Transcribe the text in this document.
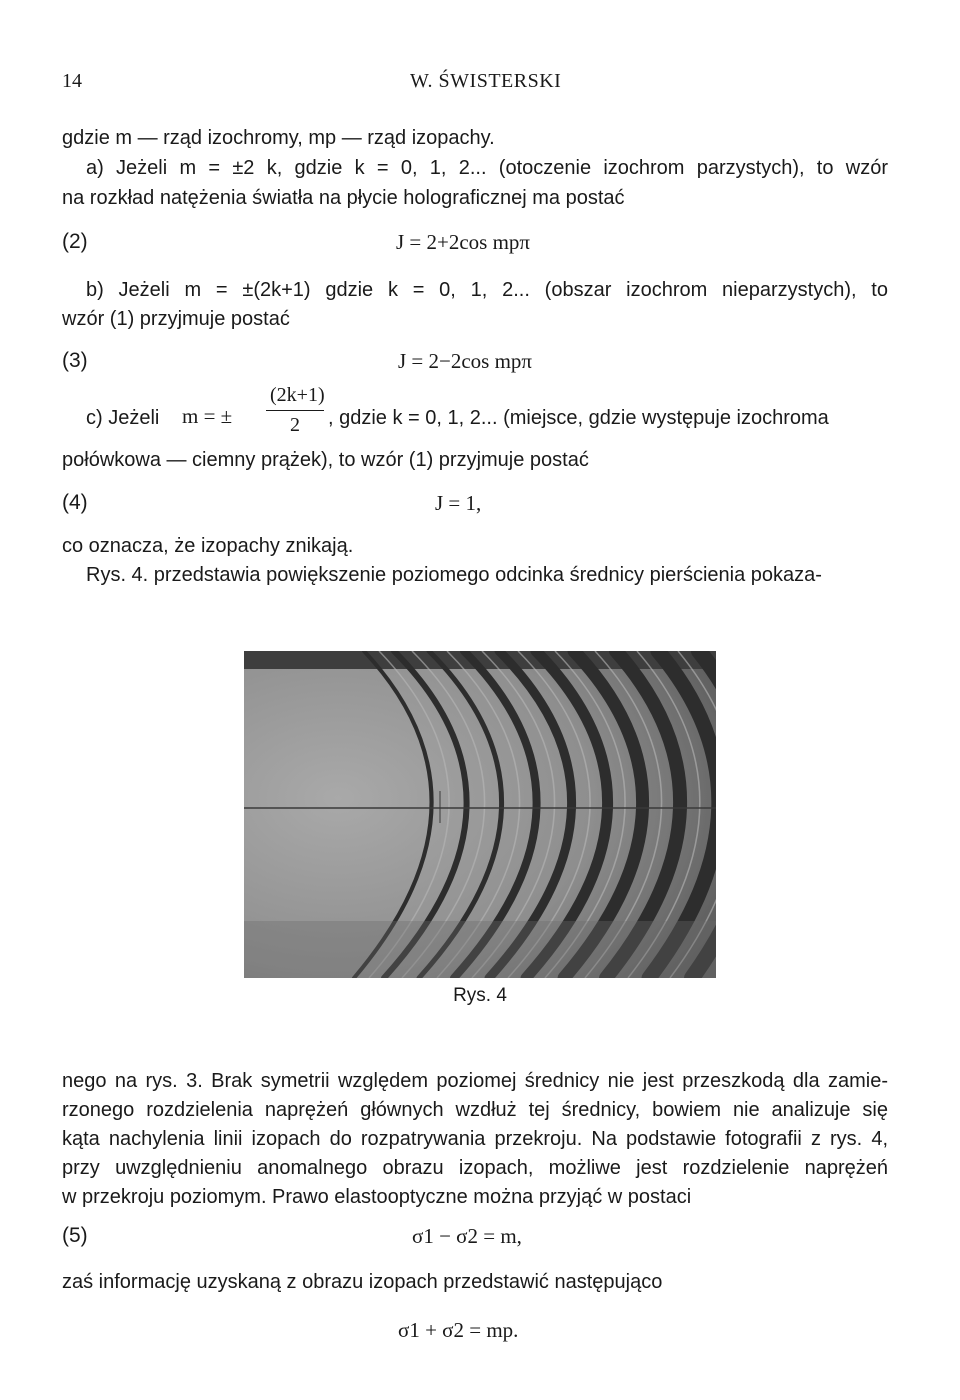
14	W. ŚWISTERSKI
gdzie m — rząd izochromy, mp — rząd izopachy.
a) Jeżeli m = ±2 k, gdzie k = 0, 1, 2... (otoczenie izochrom parzystych), to wzór
na rozkład natężenia światła na płycie holograficznej ma postać
(2)	J = 2+2cos mpπ
b) Jeżeli m = ±(2k+1) gdzie k = 0, 1, 2... (obszar izochrom nieparzystych), to
wzór (1) przyjmuje postać
(3)	J = 2−2cos mpπ
c) Jeżeli m = ±
(2k+1)
2 , gdzie k = 0, 1, 2... (miejsce, gdzie występuje izochroma
połówkowa — ciemny prążek), to wzór (1) przyjmuje postać
(4)	J = 1,
co oznacza, że izopachy znikają.
Rys. 4. przedstawia powiększenie poziomego odcinka średnicy pierścienia pokaza-
Rys. 4
nego na rys. 3. Brak symetrii względem poziomej średnicy nie jest przeszkodą dla zamie-
rzonego rozdzielenia naprężeń głównych wzdłuż tej średnicy, bowiem nie analizuje się
kąta nachylenia linii izopach do rozpatrywania przekroju. Na podstawie fotografii z rys. 4,
przy uwzględnieniu anomalnego obrazu izopach, możliwe jest rozdzielenie naprężeń
w przekroju poziomym. Prawo elastooptyczne można przyjąć w postaci
(5)	σ1 − σ2 = m,
zaś informację uzyskaną z obrazu izopach przedstawić następująco
σ1 + σ2 = mp.
